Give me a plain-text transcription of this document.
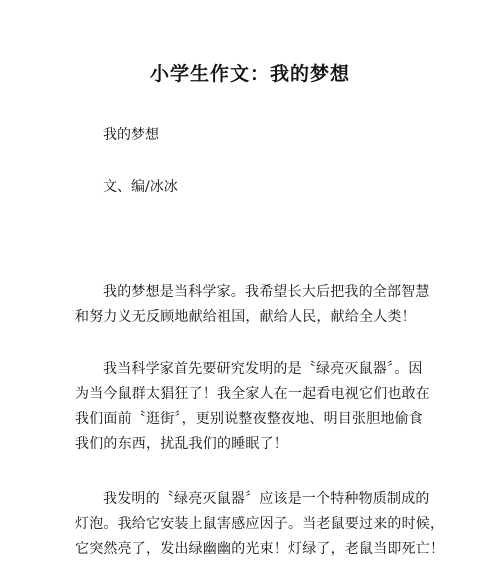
小学生作文：我的梦想
我的梦想
文、编/冰冰
我的梦想是当科学家。我希望长大后把我的全部智慧
和努力义无反顾地献给祖国，献给人民，献给全人类！
我当科学家首先要研究发明的是〝绿亮灭鼠器〞。因
为当今鼠群太猖狂了！我全家人在一起看电视它们也敢在
我们面前〝逛街〞，更别说整夜整夜地、明目张胆地偷食
我们的东西，扰乱我们的睡眠了！
我发明的〝绿亮灭鼠器〞应该是一个特种物质制成的
灯泡。我给它安装上鼠害感应因子。当老鼠要过来的时候，
它突然亮了，发出绿幽幽的光束！灯绿了，老鼠当即死亡！
